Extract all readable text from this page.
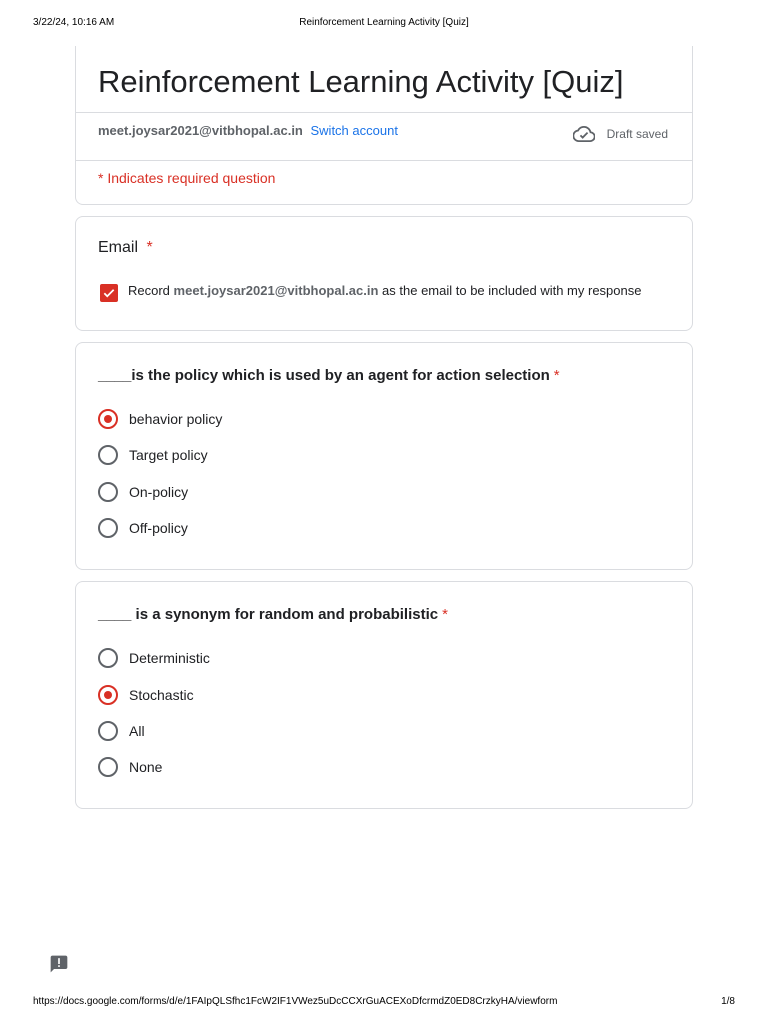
3/22/24, 10:16 AM	Reinforcement Learning Activity [Quiz]
Reinforcement Learning Activity [Quiz]
meet.joysar2021@vitbhopal.ac.in Switch account	Draft saved
* Indicates required question
Email *
Record meet.joysar2021@vitbhopal.ac.in as the email to be included with my response
____is the policy which is used by an agent for action selection *
behavior policy
Target policy
On-policy
Off-policy
____ is a synonym for random and probabilistic *
Deterministic
Stochastic
All
None
https://docs.google.com/forms/d/e/1FAIpQLSfhc1FcW2IF1VWez5uDcCCXrGuACEXoDfcrmdZ0ED8CrzkyHA/viewform	1/8
